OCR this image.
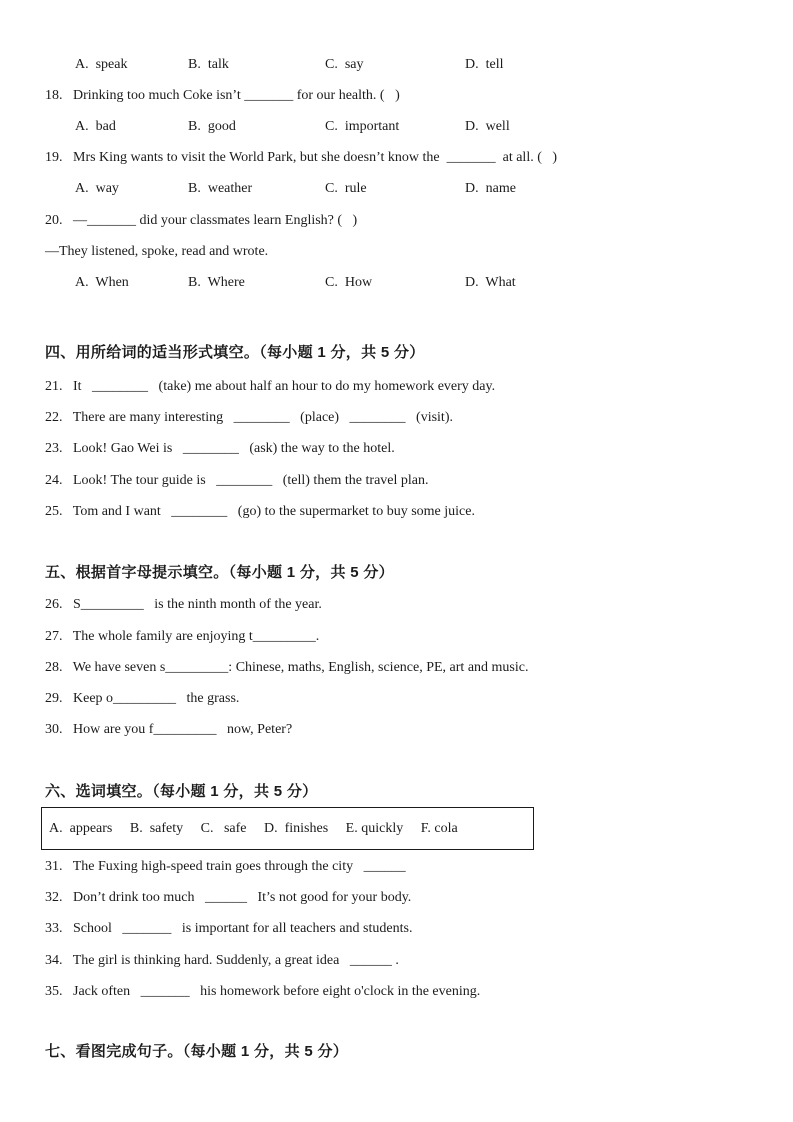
A.  speak	B.  talk	C.  say	D.  tell
18.   Drinking too much Coke isn’t _______ for our health. (   )
A.  bad	B.  good	C.  important	D.  well
19.   Mrs King wants to visit the World Park, but she doesn’t know the  _______  at all. (   )
A.  way	B.  weather	C.  rule	D.  name
20.   —_______ did your classmates learn English? (   )
—They listened, spoke, read and wrote.
A.  When	B.  Where	C.  How	D.  What
四、用所给词的适当形式填空。（每小题 1 分，共 5 分）
21.   It   ________   (take) me about half an hour to do my homework every day.
22.   There are many interesting   ________   (place)   ________   (visit).
23.   Look! Gao Wei is   ________   (ask) the way to the hotel.
24.   Look! The tour guide is   ________   (tell) them the travel plan.
25.   Tom and I want   ________   (go) to the supermarket to buy some juice.
五、根据首字母提示填空。（每小题 1 分，共 5 分）
26.   S_________   is the ninth month of the year.
27.   The whole family are enjoying t_________.
28.   We have seven s_________: Chinese, maths, English, science, PE, art and music.
29.   Keep o_________   the grass.
30.   How are you f_________   now, Peter?
六、选词填空。（每小题 1 分，共 5 分）
A.  appears     B.  safety     C.   safe     D.  finishes     E. quickly     F. cola
31.   The Fuxing high-speed train goes through the city   ______
32.   Don’t drink too much   ______   It’s not good for your body.
33.   School   _______   is important for all teachers and students.
34.   The girl is thinking hard. Suddenly, a great idea   ______ .
35.   Jack often   _______   his homework before eight o'clock in the evening.
七、看图完成句子。（每小题 1 分，共 5 分）
